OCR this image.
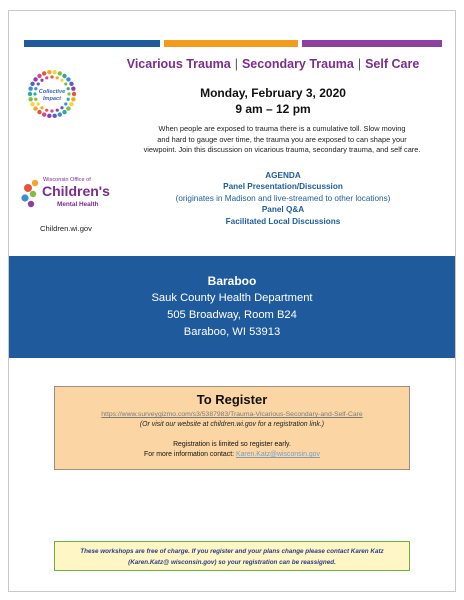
Collective
Impact
Vicarious Trauma | Secondary Trauma | Self Care
Monday, February 3, 2020
9 am – 12 pm
When people are exposed to trauma there is a cumulative toll. Slow moving
and hard to gauge over time, the trauma you are exposed to can shape your
viewpoint. Join this discussion on vicarious trauma, secondary trauma, and self care.
Wisconsin Office of
Children's
Mental Health
Children.wi.gov
AGENDA
Panel Presentation/Discussion
(originates in Madison and live-streamed to other locations)
Panel Q&A
Facilitated Local Discussions
Baraboo
Sauk County Health Department
505 Broadway, Room B24
Baraboo, WI 53913
To Register
https://www.surveygizmo.com/s3/5387983/Trauma-Vicarious-Secondary-and-Self-Care
(Or visit our website at children.wi.gov for a registration link.)
Registration is limited so register early.
For more information contact: Karen.Katz@wisconsin.gov
These workshops are free of charge. If you register and your plans change please contact Karen Katz
(Karen.Katz@ wisconsin.gov) so your registration can be reassigned.
